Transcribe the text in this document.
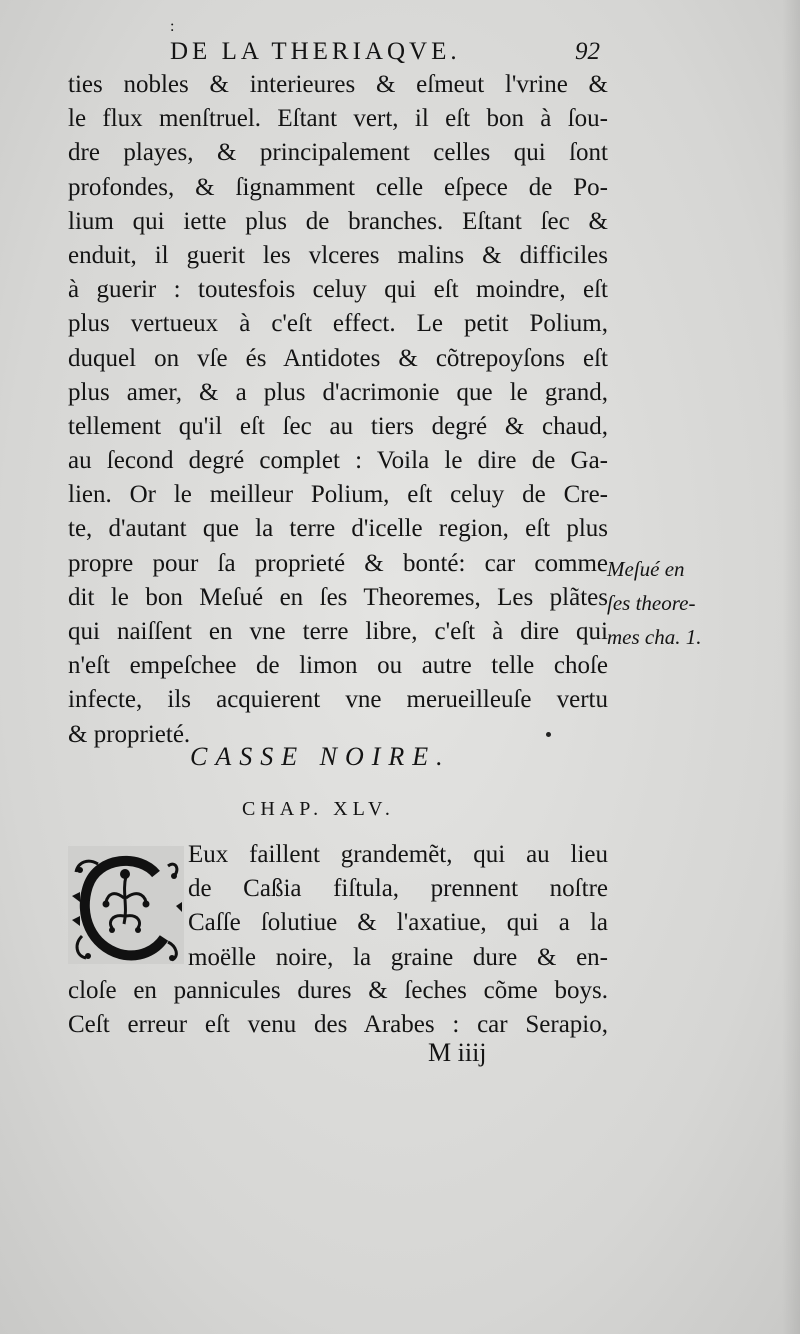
:
DE LA THERIAQVE.	92
ties nobles & interieures & eſmeut l'vrine &
le flux menſtruel. Eſtant vert, il eſt bon à ſou-
dre playes, & principalement celles qui ſont
profondes, & ſignamment celle eſpece de Po-
lium qui iette plus de branches. Eſtant ſec &
enduit, il guerit les vlceres malins & difficiles
à guerir : toutesfois celuy qui eſt moindre, eſt
plus vertueux à c'eſt effect. Le petit Polium,
duquel on vſe és Antidotes & cõtrepoyſons eſt
plus amer, & a plus d'acrimonie que le grand,
tellement qu'il eſt ſec au tiers degré & chaud,
au ſecond degré complet : Voila le dire de Ga-
lien. Or le meilleur Polium, eſt celuy de Cre-
te, d'autant que la terre d'icelle region, eſt plus
propre pour ſa proprieté & bonté: car comme
dit le bon Meſué en ſes Theoremes, Les plãtes
qui naiſſent en vne terre libre, c'eſt à dire qui
n'eſt empeſchee de limon ou autre telle choſe
infecte, ils acquierent vne merueilleuſe vertu
& proprieté.
Meſué en
ſes theore-
mes cha. 1.
CASSE NOIRE.
CHAP. XLV.
Eux faillent grandemẽt, qui au lieu
de Caßia fiſtula, prennent noſtre
Caſſe ſolutiue & l'axatiue, qui a la
moëlle noire, la graine dure & en-
cloſe en pannicules dures & ſeches cõme boys.
Ceſt erreur eſt venu des Arabes : car Serapio,
M iiij
